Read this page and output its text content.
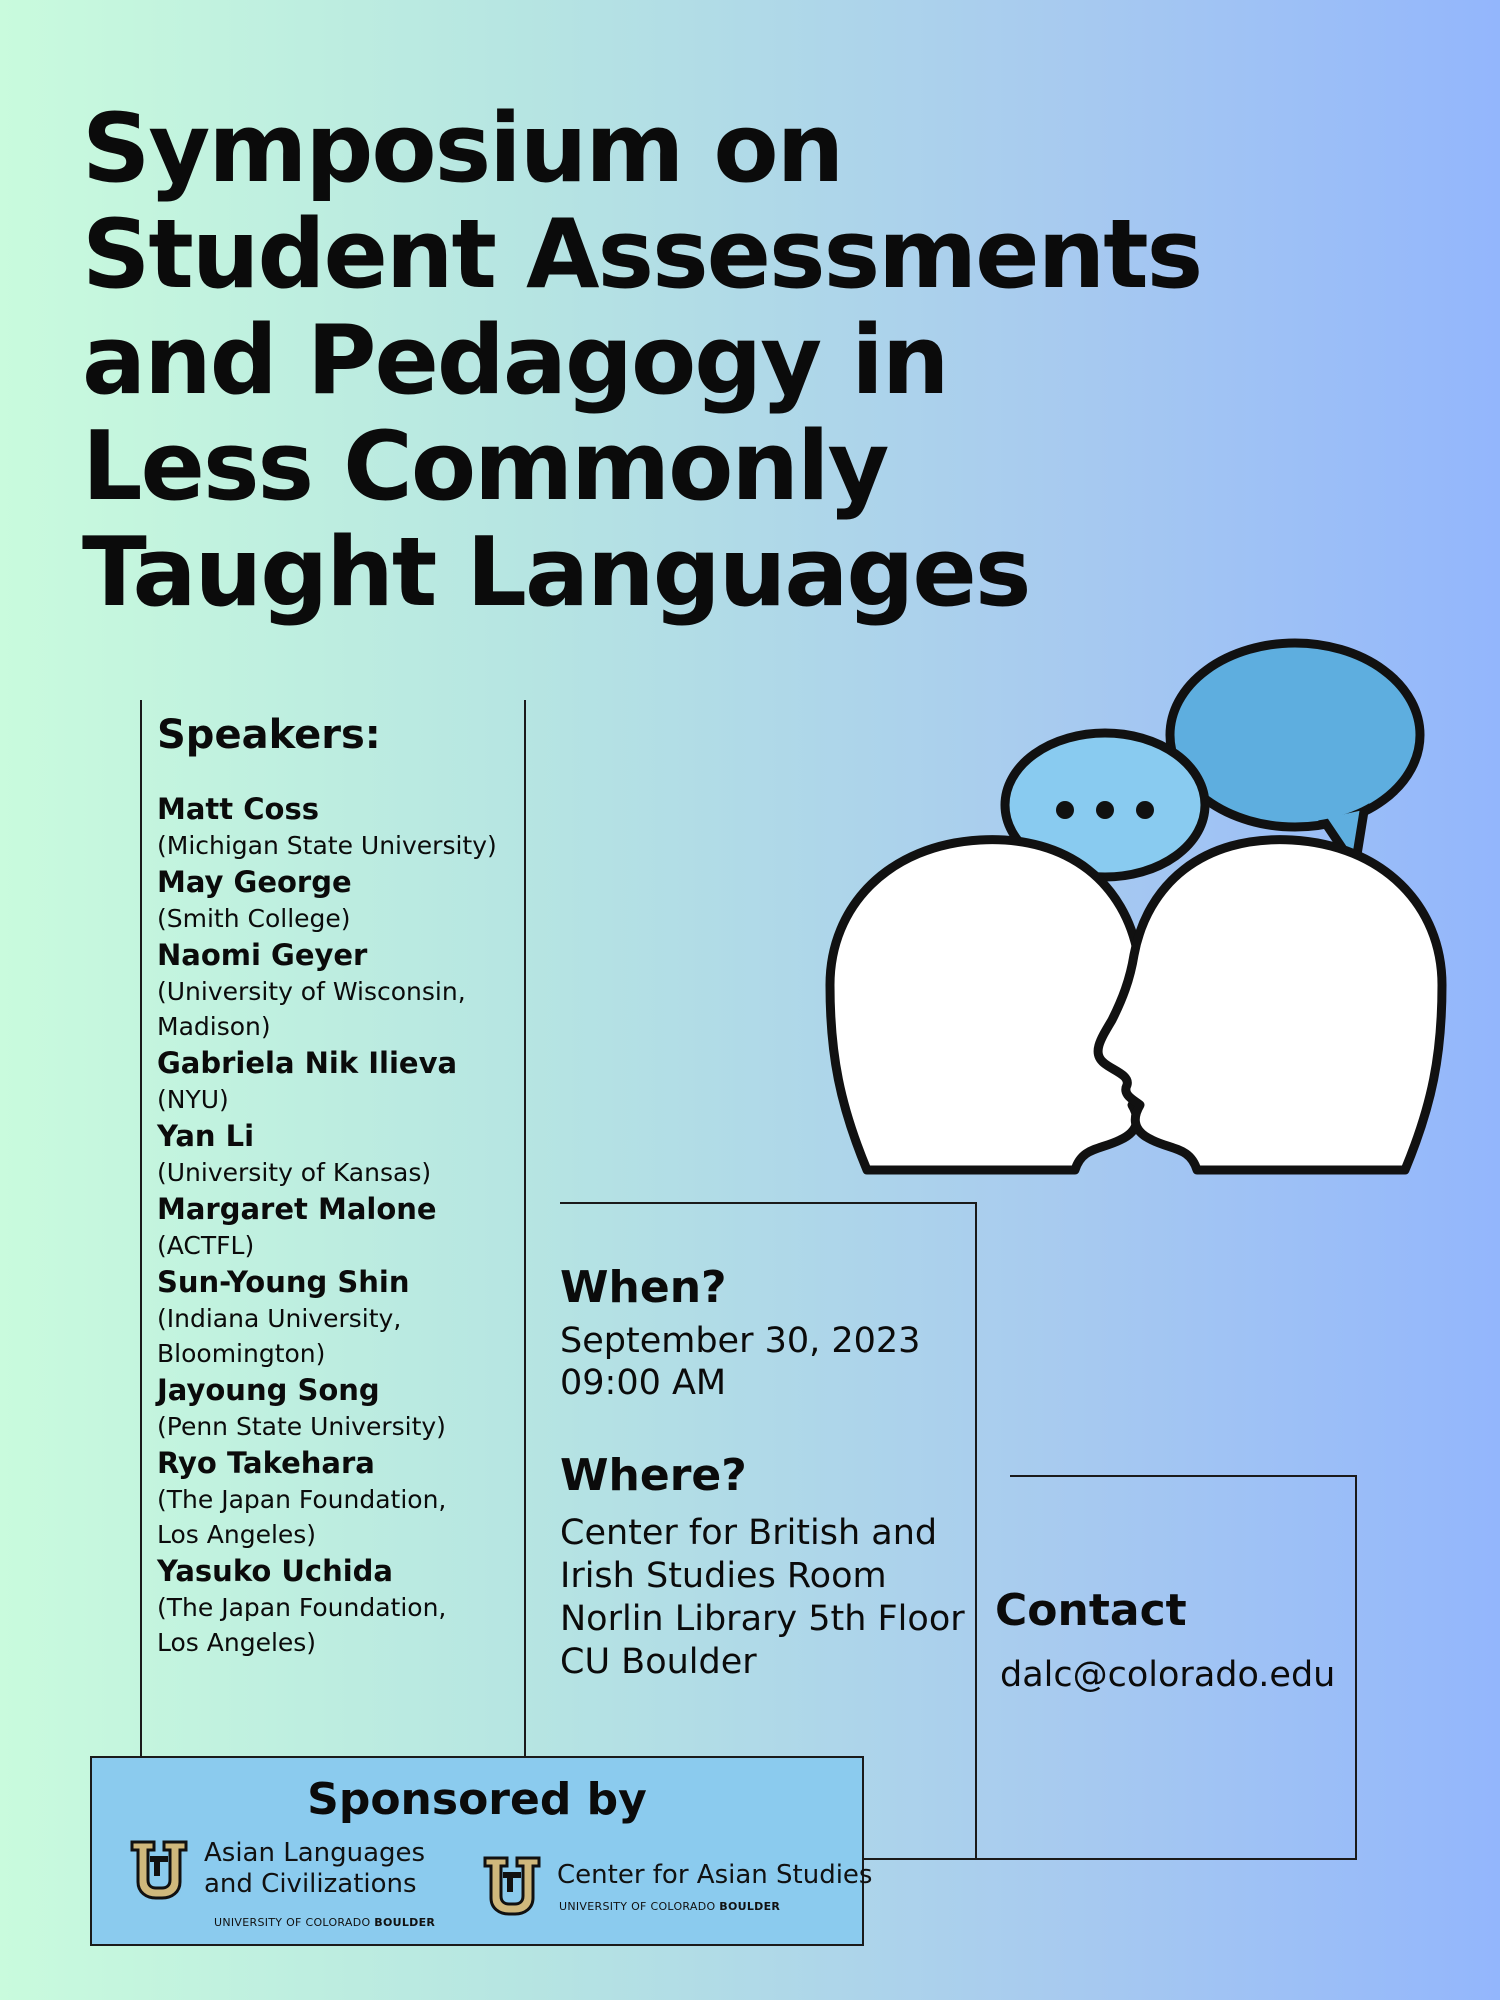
Symposium on
Student Assessments
and Pedagogy in
Less Commonly
Taught Languages
Speakers:

Matt Coss
(Michigan State University)

May George
(Smith College)

Naomi Geyer
(University of Wisconsin,
Madison)

Gabriela Nik Ilieva
(NYU)

Yan Li
(University of Kansas)

Margaret Malone
(ACTFL)

Sun-Young Shin
(Indiana University,
Bloomington)

Jayoung Song
(Penn State University)

Ryo Takehara
(The Japan Foundation,
Los Angeles)

Yasuko Uchida
(The Japan Foundation,
Los Angeles)

When?
September 30, 2023
09:00 AM
Where?
Center for British and
Irish Studies Room
Norlin Library 5th Floor
CU Boulder
Contact
dalc@colorado.edu
Sponsored by
Asian Languages
and Civilizations
UNIVERSITY OF COLORADO BOULDER
Center for Asian Studies
UNIVERSITY OF COLORADO BOULDER
